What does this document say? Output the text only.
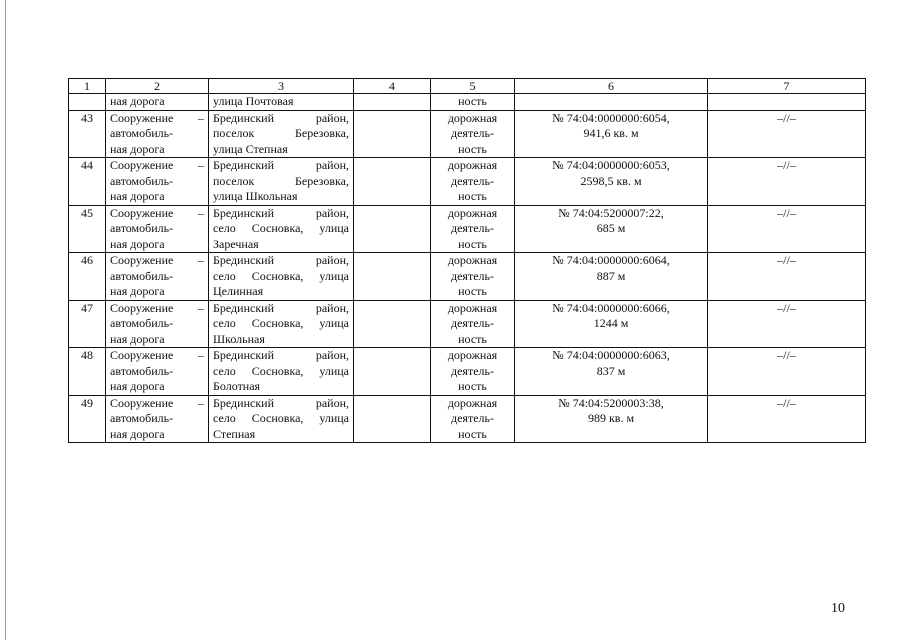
1	2	3	4	5	6	7
	ная дорога	улица Почтовая		ность		
43	Сооружение –
автомобиль-
ная дорога	Брединский район,
поселок Березовка,
улица Степная		дорожная
деятель-
ность	№ 74:04:0000000:6054,
941,6 кв. м	–//–
44	Сооружение –
автомобиль-
ная дорога	Брединский район,
поселок Березовка,
улица Школьная		дорожная
деятель-
ность	№ 74:04:0000000:6053,
2598,5 кв. м	–//–
45	Сооружение –
автомобиль-
ная дорога	Брединский район,
село Сосновка, улица
Заречная		дорожная
деятель-
ность	№ 74:04:5200007:22,
685 м	–//–
46	Сооружение –
автомобиль-
ная дорога	Брединский район,
село Сосновка, улица
Целинная		дорожная
деятель-
ность	№ 74:04:0000000:6064,
887 м	–//–
47	Сооружение –
автомобиль-
ная дорога	Брединский район,
село Сосновка, улица
Школьная		дорожная
деятель-
ность	№ 74:04:0000000:6066,
1244 м	–//–
48	Сооружение –
автомобиль-
ная дорога	Брединский район,
село Сосновка, улица
Болотная		дорожная
деятель-
ность	№ 74:04:0000000:6063,
837 м	–//–
49	Сооружение –
автомобиль-
ная дорога	Брединский район,
село Сосновка, улица
Степная		дорожная
деятель-
ность	№ 74:04:5200003:38,
989 кв. м	–//–
10
